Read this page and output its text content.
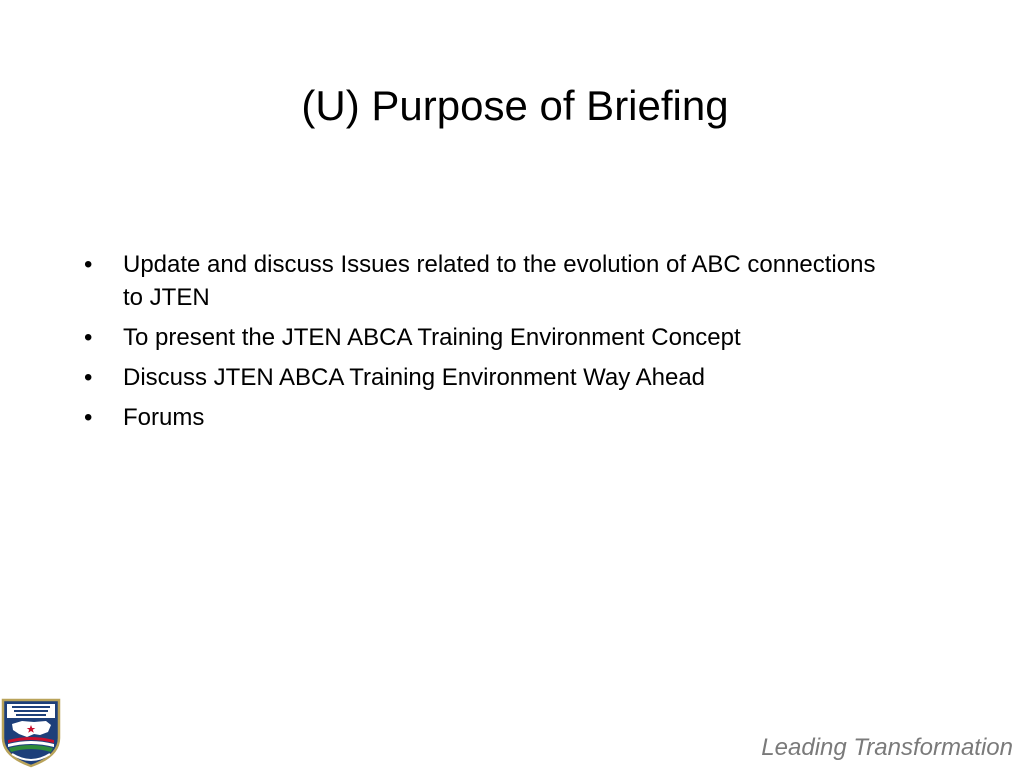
(U) Purpose of Briefing
•	Update and discuss Issues related to the evolution of ABC connections to JTEN
•	To present the JTEN ABCA Training Environment Concept
•	Discuss JTEN ABCA Training Environment Way Ahead
•	Forums
Leading Transformation
